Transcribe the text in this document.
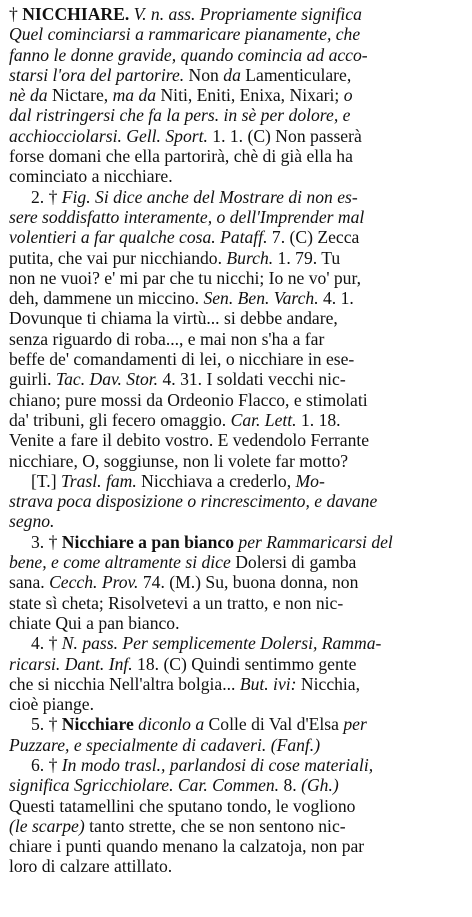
† NICCHIARE. V. n. ass. Propriamente significa
Quel cominciarsi a rammaricare pianamente, che
fanno le donne gravide, quando comincia ad acco-
starsi l'ora del partorire. Non da Lamenticulare,
nè da Nictare, ma da Niti, Eniti, Enixa, Nixari; o
dal ristringersi che fa la pers. in sè per dolore, e
acchiocciolarsi. Gell. Sport. 1. 1. (C) Non passerà
forse domani che ella partorirà, chè di già ella ha
cominciato a nicchiare.
2. † Fig. Si dice anche del Mostrare di non es-
sere soddisfatto interamente, o dell'Imprender mal
volentieri a far qualche cosa. Pataff. 7. (C) Zecca
putita, che vai pur nicchiando. Burch. 1. 79. Tu
non ne vuoi? e' mi par che tu nicchi; Io ne vo' pur,
deh, dammene un miccino. Sen. Ben. Varch. 4. 1.
Dovunque ti chiama la virtù... si debbe andare,
senza riguardo di roba..., e mai non s'ha a far
beffe de' comandamenti di lei, o nicchiare in ese-
guirli. Tac. Dav. Stor. 4. 31. I soldati vecchi nic-
chiano; pure mossi da Ordeonio Flacco, e stimolati
da' tribuni, gli fecero omaggio. Car. Lett. 1. 18.
Venite a fare il debito vostro. E vedendolo Ferrante
nicchiare, O, soggiunse, non li volete far motto?
[T.] Trasl. fam. Nicchiava a crederlo, Mo-
strava poca disposizione o rincrescimento, e davane
segno.
3. † Nicchiare a pan bianco per Rammaricarsi del
bene, e come altramente si dice Dolersi di gamba
sana. Cecch. Prov. 74. (M.) Su, buona donna, non
state sì cheta; Risolvetevi a un tratto, e non nic-
chiate Qui a pan bianco.
4. † N. pass. Per semplicemente Dolersi, Ramma-
ricarsi. Dant. Inf. 18. (C) Quindi sentimmo gente
che si nicchia Nell'altra bolgia... But. ivi: Nicchia,
cioè piange.
5. † Nicchiare diconlo a Colle di Val d'Elsa per
Puzzare, e specialmente di cadaveri. (Fanf.)
6. † In modo trasl., parlandosi di cose materiali,
significa Sgricchiolare. Car. Commen. 8. (Gh.)
Questi tatamellini che sputano tondo, le vogliono
(le scarpe) tanto strette, che se non sentono nic-
chiare i punti quando menano la calzatoja, non par
loro di calzare attillato.
